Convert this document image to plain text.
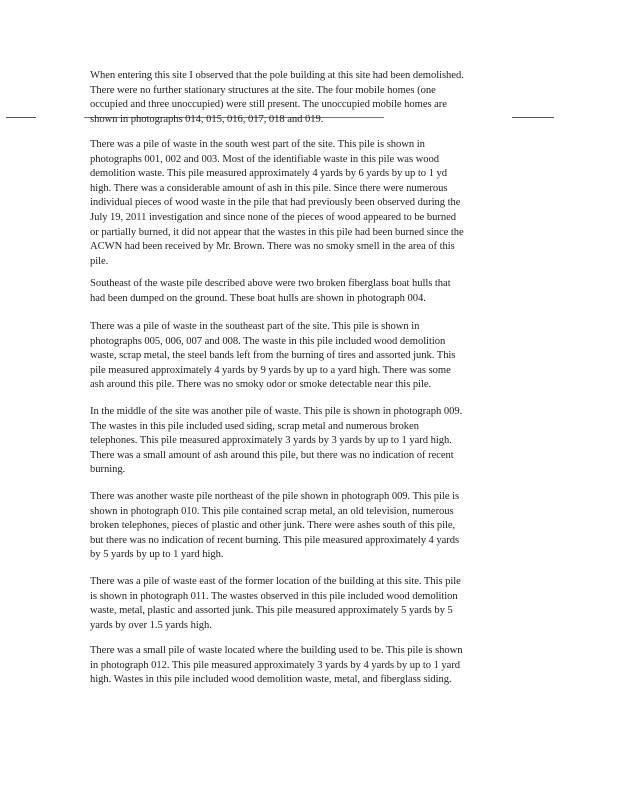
When entering this site I observed that the pole building at this site had been demolished.
There were no further stationary structures at the site. The four mobile homes (one
occupied and three unoccupied) were still present. The unoccupied mobile homes are
shown in photographs 014, 015, 016, 017, 018 and 019.

There was a pile of waste in the south west part of the site. This pile is shown in
photographs 001, 002 and 003. Most of the identifiable waste in this pile was wood
demolition waste. This pile measured approximately 4 yards by 6 yards by up to 1 yd
high. There was a considerable amount of ash in this pile. Since there were numerous
individual pieces of wood waste in the pile that had previously been observed during the
July 19, 2011 investigation and since none of the pieces of wood appeared to be burned
or partially burned, it did not appear that the wastes in this pile had been burned since the
ACWN had been received by Mr. Brown. There was no smoky smell in the area of this
pile.

Southeast of the waste pile described above were two broken fiberglass boat hulls that
had been dumped on the ground. These boat hulls are shown in photograph 004.

There was a pile of waste in the southeast part of the site. This pile is shown in
photographs 005, 006, 007 and 008. The waste in this pile included wood demolition
waste, scrap metal, the steel bands left from the burning of tires and assorted junk. This
pile measured approximately 4 yards by 9 yards by up to a yard high. There was some
ash around this pile. There was no smoky odor or smoke detectable near this pile.

In the middle of the site was another pile of waste. This pile is shown in photograph 009.
The wastes in this pile included used siding, scrap metal and numerous broken
telephones. This pile measured approximately 3 yards by 3 yards by up to 1 yard high.
There was a small amount of ash around this pile, but there was no indication of recent
burning.

There was another waste pile northeast of the pile shown in photograph 009. This pile is
shown in photograph 010. This pile contained scrap metal, an old television, numerous
broken telephones, pieces of plastic and other junk. There were ashes south of this pile,
but there was no indication of recent burning. This pile measured approximately 4 yards
by 5 yards by up to 1 yard high.

There was a pile of waste east of the former location of the building at this site. This pile
is shown in photograph 011. The wastes observed in this pile included wood demolition
waste, metal, plastic and assorted junk. This pile measured approximately 5 yards by 5
yards by over 1.5 yards high.

There was a small pile of waste located where the building used to be. This pile is shown
in photograph 012. This pile measured approximately 3 yards by 4 yards by up to 1 yard
high. Wastes in this pile included wood demolition waste, metal, and fiberglass siding.
